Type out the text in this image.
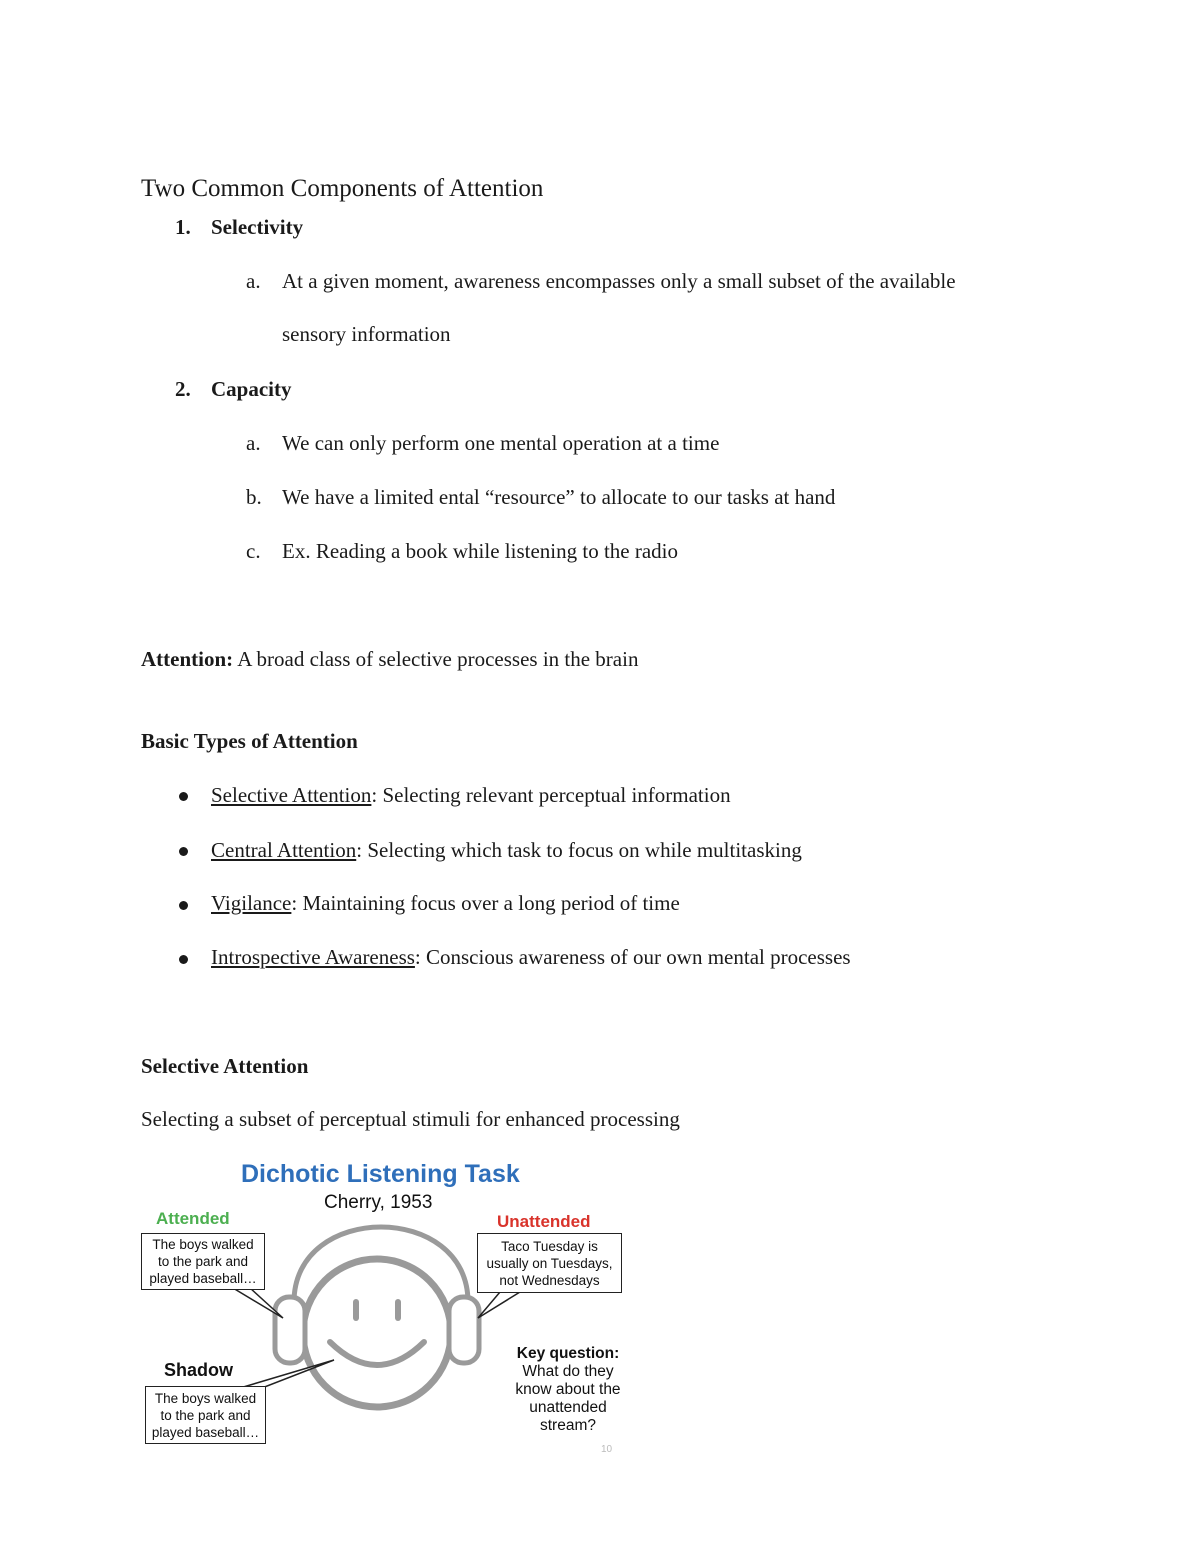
Two Common Components of Attention
1. Selectivity
a. At a given moment, awareness encompasses only a small subset of the available
sensory information
2. Capacity
a. We can only perform one mental operation at a time
b. We have a limited ental “resource” to allocate to our tasks at hand
c. Ex. Reading a book while listening to the radio
Attention: A broad class of selective processes in the brain
Basic Types of Attention
Selective Attention: Selecting relevant perceptual information
Central Attention: Selecting which task to focus on while multitasking
Vigilance: Maintaining focus over a long period of time
Introspective Awareness: Conscious awareness of our own mental processes
Selective Attention
Selecting a subset of perceptual stimuli for enhanced processing
10
Dichotic Listening Task
Cherry, 1953
Attended
The boys walked to the park and played baseball…
Unattended
Taco Tuesday is usually on Tuesdays, not Wednesdays
Shadow
The boys walked to the park and played baseball…
Key question:
What do they know about the unattended stream?
